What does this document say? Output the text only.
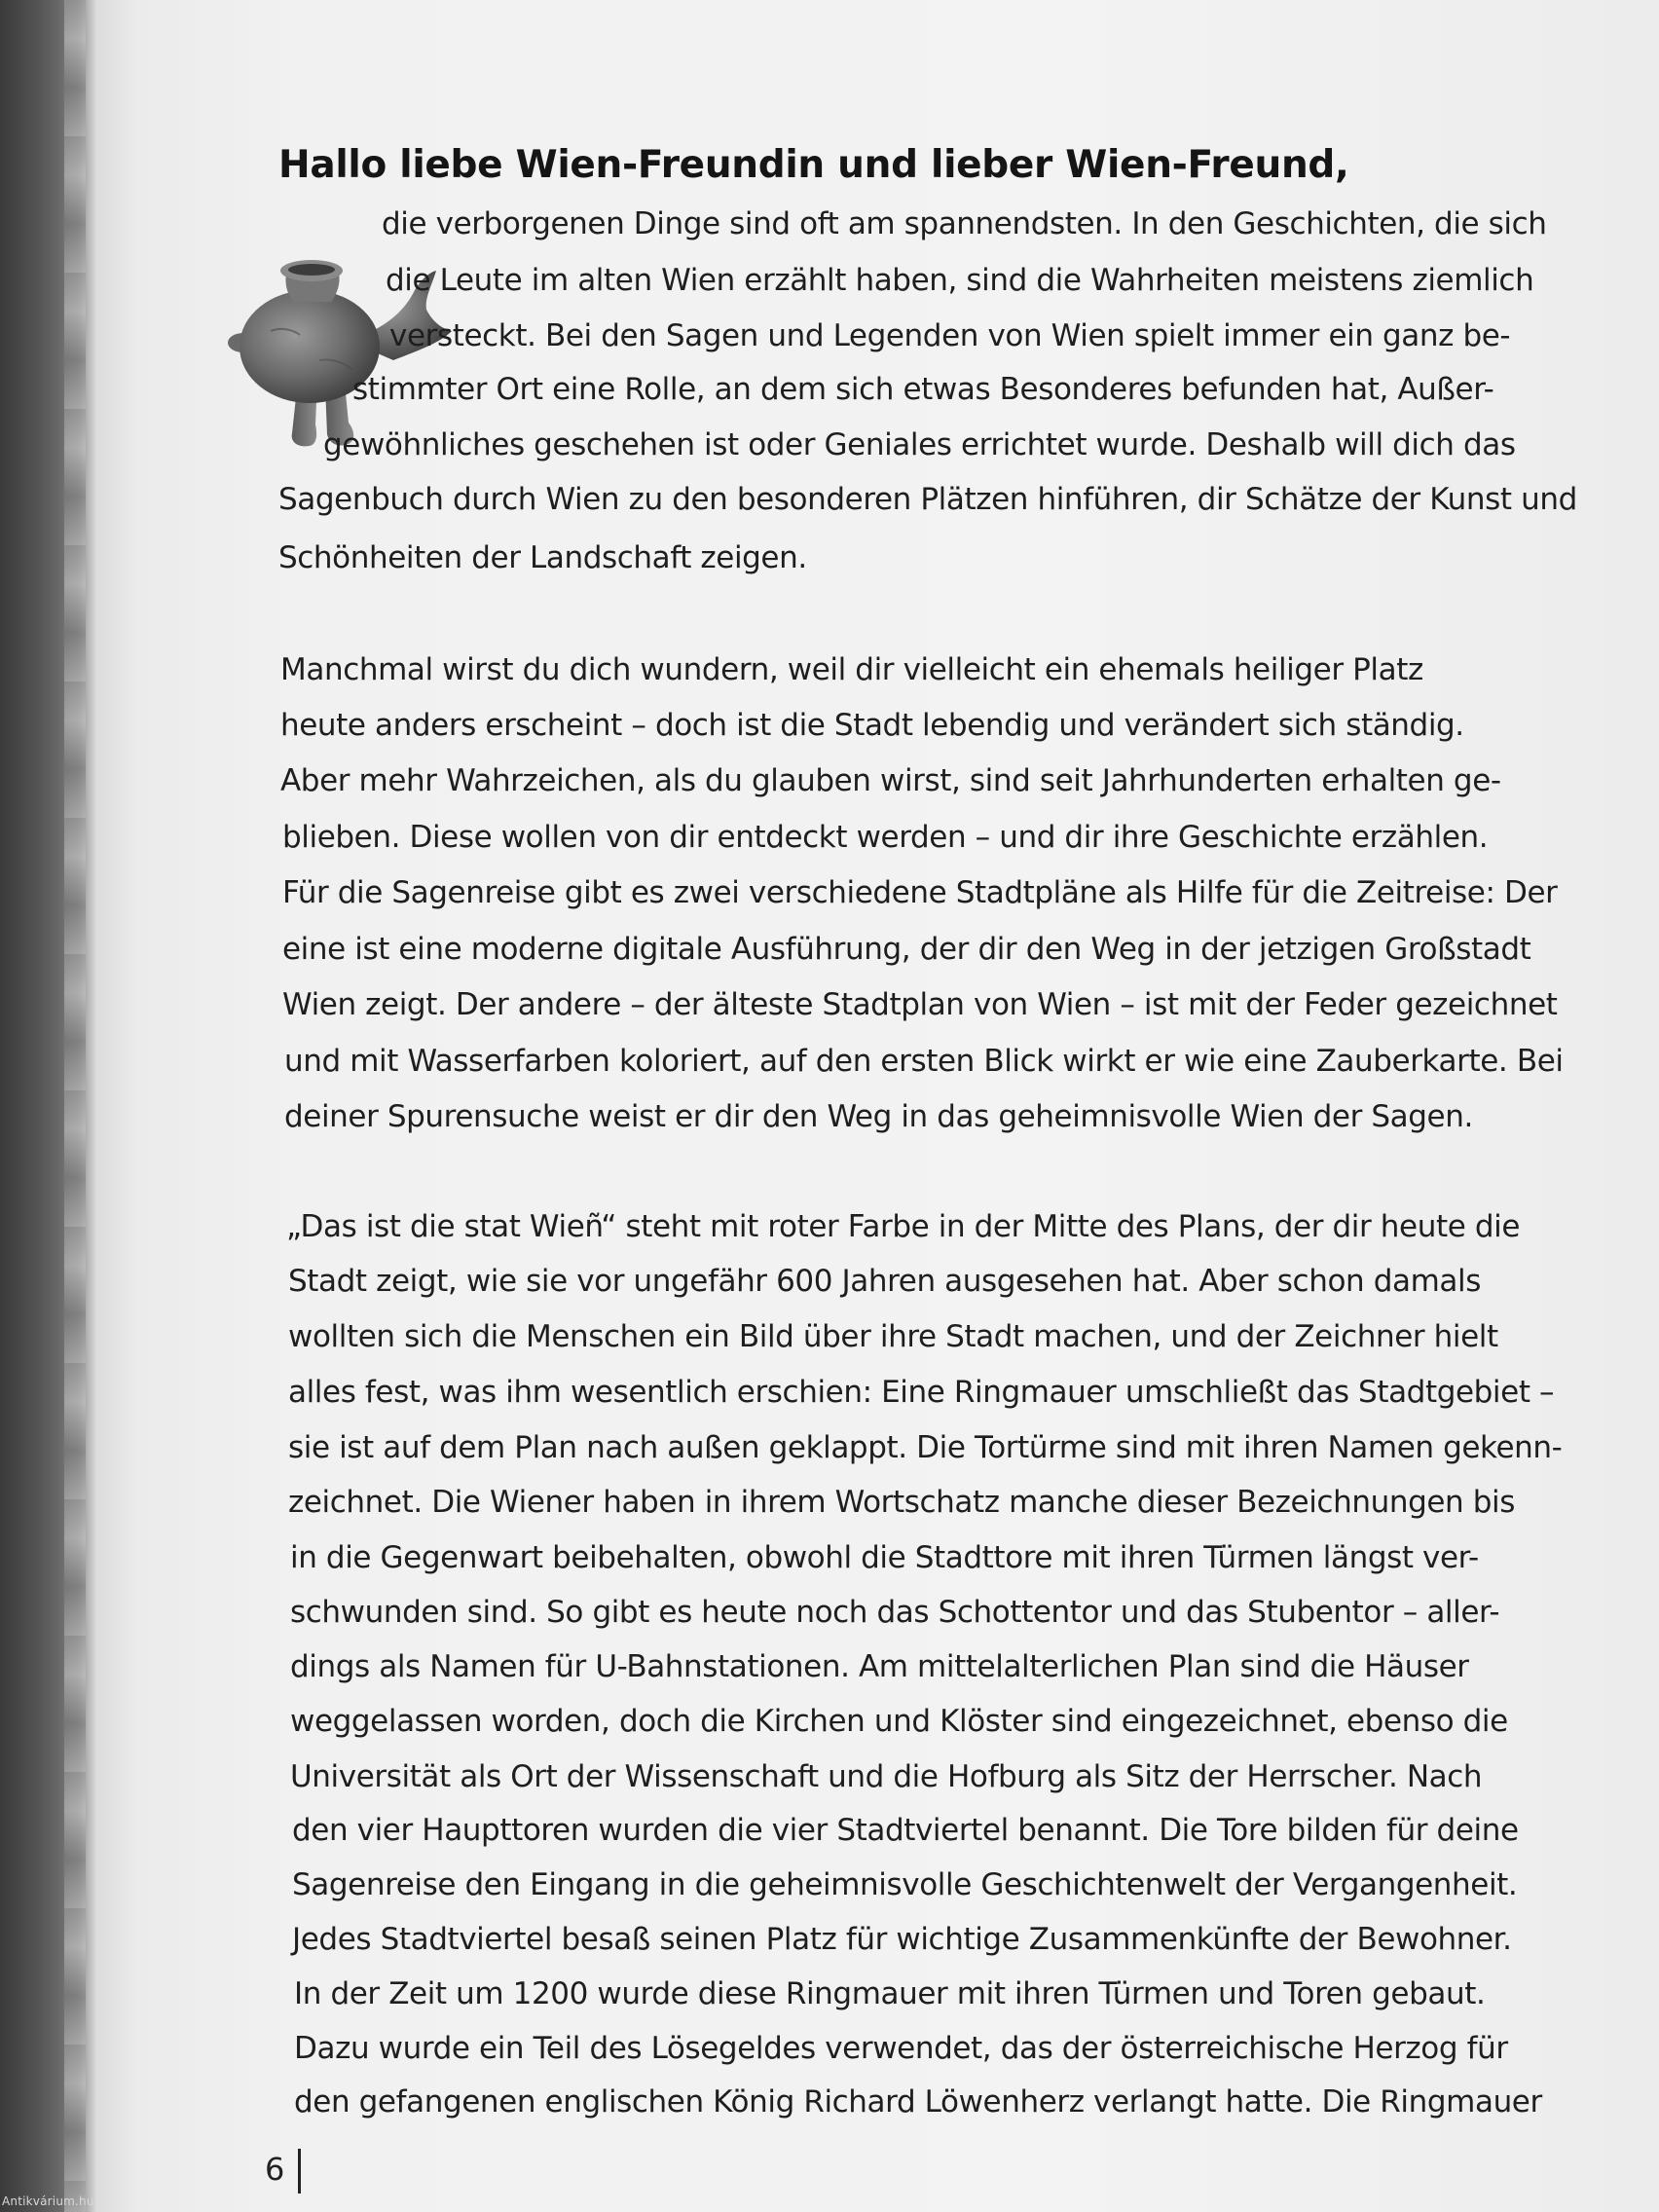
Hallo liebe Wien-Freundin und lieber Wien-Freund,
die verborgenen Dinge sind oft am spannendsten. In den Geschichten, die sich
die Leute im alten Wien erzählt haben, sind die Wahrheiten meistens ziemlich
versteckt. Bei den Sagen und Legenden von Wien spielt immer ein ganz be-
stimmter Ort eine Rolle, an dem sich etwas Besonderes befunden hat, Außer-
gewöhnliches geschehen ist oder Geniales errichtet wurde. Deshalb will dich das
Sagenbuch durch Wien zu den besonderen Plätzen hinführen, dir Schätze der Kunst und
Schönheiten der Landschaft zeigen.
Manchmal wirst du dich wundern, weil dir vielleicht ein ehemals heiliger Platz
heute anders erscheint – doch ist die Stadt lebendig und verändert sich ständig.
Aber mehr Wahrzeichen, als du glauben wirst, sind seit Jahrhunderten erhalten ge-
blieben. Diese wollen von dir entdeckt werden – und dir ihre Geschichte erzählen.
Für die Sagenreise gibt es zwei verschiedene Stadtpläne als Hilfe für die Zeitreise: Der
eine ist eine moderne digitale Ausführung, der dir den Weg in der jetzigen Großstadt
Wien zeigt. Der andere – der älteste Stadtplan von Wien – ist mit der Feder gezeichnet
und mit Wasserfarben koloriert, auf den ersten Blick wirkt er wie eine Zauberkarte. Bei
deiner Spurensuche weist er dir den Weg in das geheimnisvolle Wien der Sagen.
„Das ist die stat Wieñ“ steht mit roter Farbe in der Mitte des Plans, der dir heute die
Stadt zeigt, wie sie vor ungefähr 600 Jahren ausgesehen hat. Aber schon damals
wollten sich die Menschen ein Bild über ihre Stadt machen, und der Zeichner hielt
alles fest, was ihm wesentlich erschien: Eine Ringmauer umschließt das Stadtgebiet –
sie ist auf dem Plan nach außen geklappt. Die Tortürme sind mit ihren Namen gekenn-
zeichnet. Die Wiener haben in ihrem Wortschatz manche dieser Bezeichnungen bis
in die Gegenwart beibehalten, obwohl die Stadttore mit ihren Türmen längst ver-
schwunden sind. So gibt es heute noch das Schottentor und das Stubentor – aller-
dings als Namen für U-Bahnstationen. Am mittelalterlichen Plan sind die Häuser
weggelassen worden, doch die Kirchen und Klöster sind eingezeichnet, ebenso die
Universität als Ort der Wissenschaft und die Hofburg als Sitz der Herrscher. Nach
den vier Haupttoren wurden die vier Stadtviertel benannt. Die Tore bilden für deine
Sagenreise den Eingang in die geheimnisvolle Geschichtenwelt der Vergangenheit.
Jedes Stadtviertel besaß seinen Platz für wichtige Zusammenkünfte der Bewohner.
In der Zeit um 1200 wurde diese Ringmauer mit ihren Türmen und Toren gebaut.
Dazu wurde ein Teil des Lösegeldes verwendet, das der österreichische Herzog für
den gefangenen englischen König Richard Löwenherz verlangt hatte. Die Ringmauer
6
Antikvárium.hu
